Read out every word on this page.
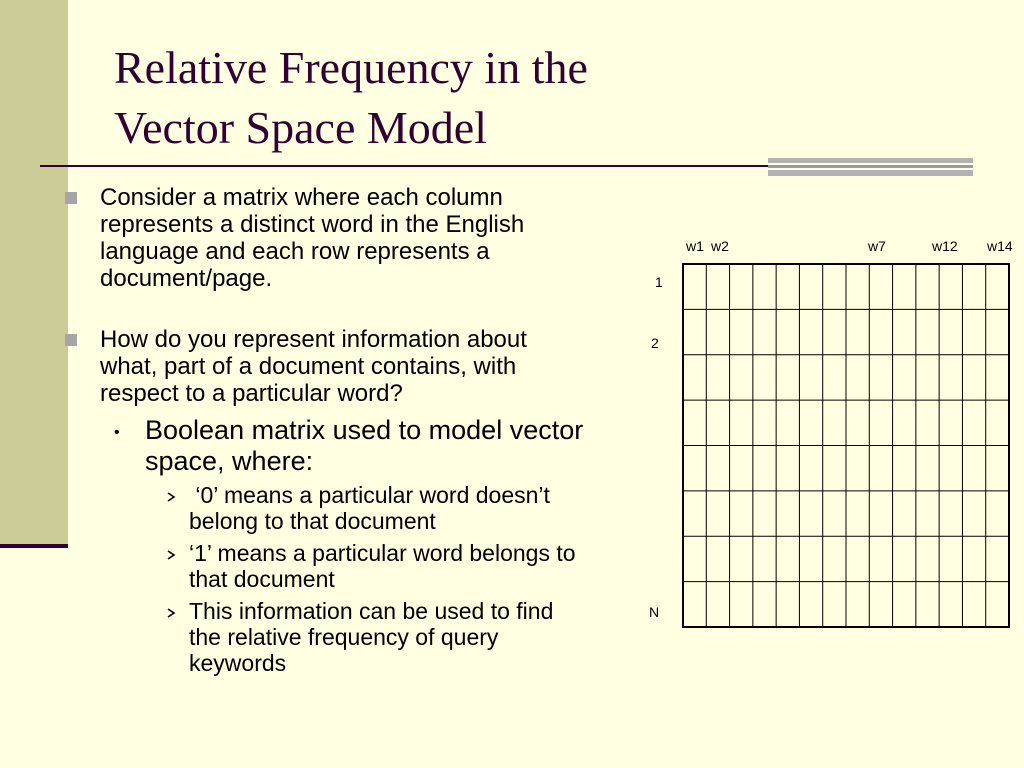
Relative Frequency in the
Vector Space Model
Consider a matrix where each column
represents a distinct word in the English
language and each row represents a
document/page.
How do you represent information about
what, part of a document contains, with
respect to a particular word?
• Boolean matrix used to model vector
space, where:
‘0’ means a particular word doesn’t
belong to that document
‘1’ means a particular word belongs to
that document
This information can be used to find
the relative frequency of query
keywords
w1 w2	w7	w12 w14
1
2
N
